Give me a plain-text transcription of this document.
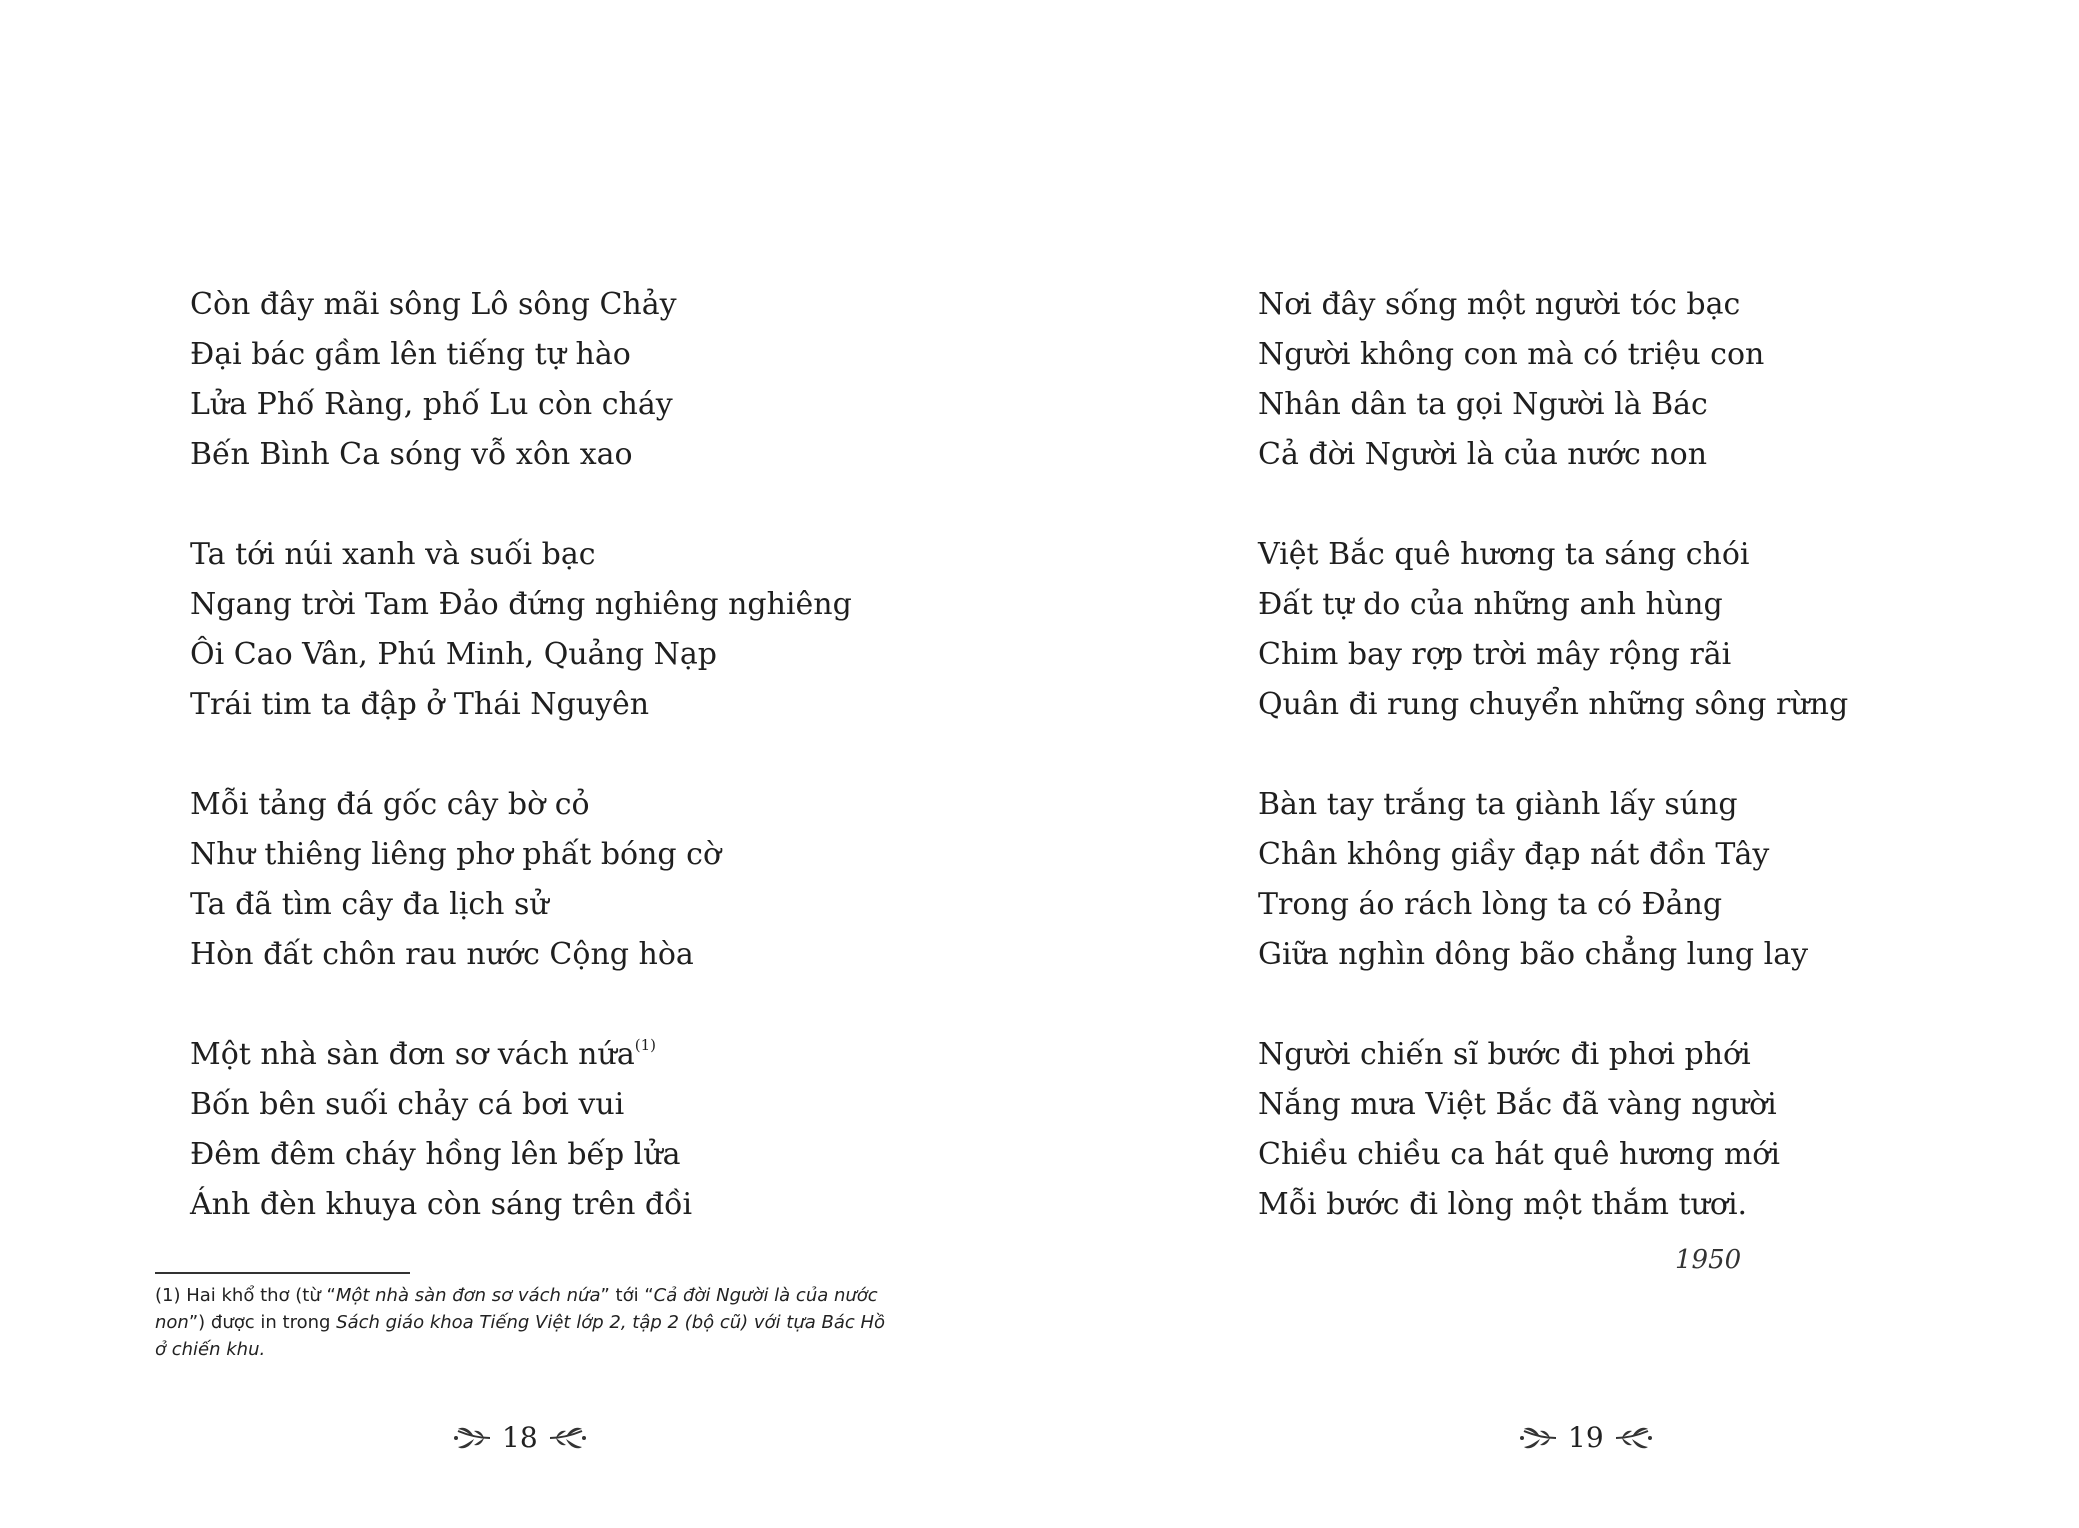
Còn đây mãi sông Lô sông Chảy
Đại bác gầm lên tiếng tự hào
Lửa Phố Ràng, phố Lu còn cháy
Bến Bình Ca sóng vỗ xôn xao
Ta tới núi xanh và suối bạc
Ngang trời Tam Đảo đứng nghiêng nghiêng
Ôi Cao Vân, Phú Minh, Quảng Nạp
Trái tim ta đập ở Thái Nguyên
Mỗi tảng đá gốc cây bờ cỏ
Như thiêng liêng phơ phất bóng cờ
Ta đã tìm cây đa lịch sử
Hòn đất chôn rau nước Cộng hòa
Một nhà sàn đơn sơ vách nứa$^{(1)}$
Bốn bên suối chảy cá bơi vui
Đêm đêm cháy hồng lên bếp lửa
Ánh đèn khuya còn sáng trên đồi
(1) Hai khổ thơ (từ “Một nhà sàn đơn sơ vách nứa” tới “Cả đời Người là của nước non”) được in trong Sách giáo khoa Tiếng Việt lớp 2, tập 2 (bộ cũ) với tựa Bác Hồ ở chiến khu.
18
Nơi đây sống một người tóc bạc
Người không con mà có triệu con
Nhân dân ta gọi Người là Bác
Cả đời Người là của nước non
Việt Bắc quê hương ta sáng chói
Đất tự do của những anh hùng
Chim bay rợp trời mây rộng rãi
Quân đi rung chuyển những sông rừng
Bàn tay trắng ta giành lấy súng
Chân không giầy đạp nát đồn Tây
Trong áo rách lòng ta có Đảng
Giữa nghìn dông bão chẳng lung lay
Người chiến sĩ bước đi phơi phới
Nắng mưa Việt Bắc đã vàng người
Chiều chiều ca hát quê hương mới
Mỗi bước đi lòng một thắm tươi.
1950
19
